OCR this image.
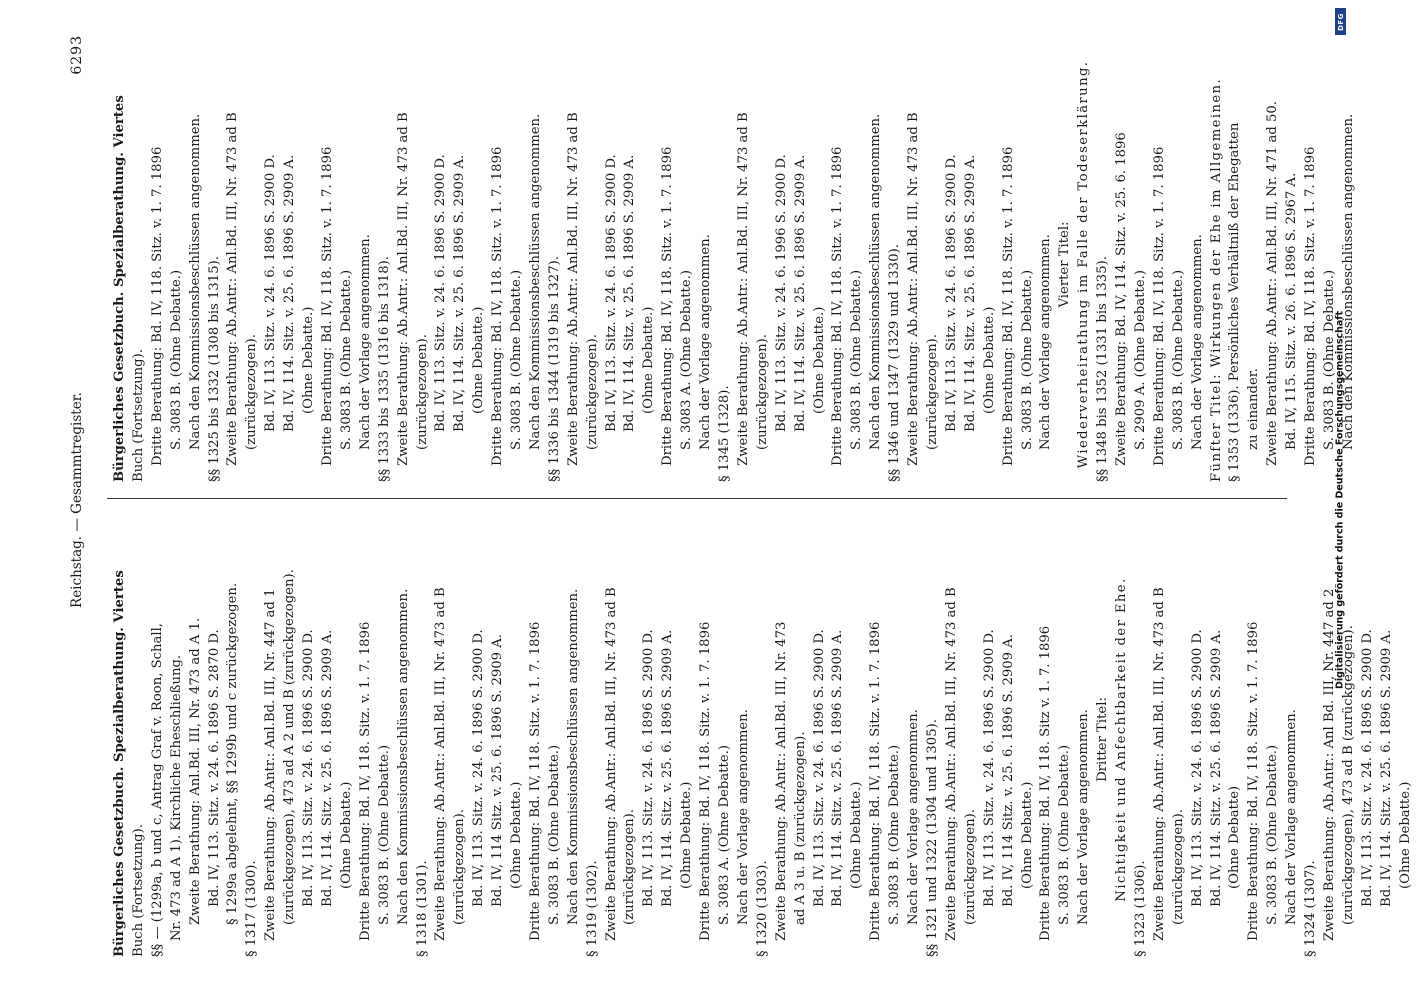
Reichstag. — Gesammtregister.
6293
Bürgerliches Gesetzbuch. Spezialberathung. Viertes Buch (Fortsetzung). §§ — (1299a, b und c, Antrag Graf v. Roon, Schall, Nr. 473 ad A 1). Kirchliche Eheschließung. Zweite Berathung: Anl.Bd. III, Nr. 473 ad A 1. Bd. IV, 113. Sitz. v. 24. 6. 1896 S. 2870 D. § 1299a abgelehnt, §§ 1299b und c zurückgezogen. § 1317 (1300). Zweite Berathung: Ab.Antr.: Anl.Bd. III, Nr. 447 ad 1 (zurückgezogen), 473 ad A 2 und B (zurückgezogen). Bd. IV, 113. Sitz. v. 24. 6. 1896 S. 2900 D. Bd. IV, 114. Sitz. v. 25. 6. 1896 S. 2909 A. (Ohne Debatte.) Dritte Berathung: Bd. IV, 118. Sitz. v. 1. 7. 1896 S. 3083 B. (Ohne Debatte.) Nach den Kommissionsbeschlüssen angenommen. § 1318 (1301). Zweite Berathung: Ab.Antr.: Anl.Bd. III, Nr. 473 ad B (zurückgezogen). Bd. IV, 113. Sitz. v. 24. 6. 1896 S. 2900 D. Bd. IV, 114 Sitz. v. 25. 6. 1896 S. 2909 A. (Ohne Debatte.) Dritte Berathung: Bd. IV, 118. Sitz. v. 1. 7. 1896 S. 3083 B. (Ohne Debatte.) Nach den Kommissionsbeschlüssen angenommen. § 1319 (1302). Zweite Berathung: Ab.Antr.: Anl.Bd. III, Nr. 473 ad B (zurückgezogen). Bd. IV, 113. Sitz. v. 24. 6. 1896 S. 2900 D. Bd. IV, 114. Sitz. v. 25. 6. 1896 S. 2909 A. (Ohne Debatte.) Dritte Berathung: Bd. IV, 118. Sitz. v. 1. 7. 1896 S. 3083 A. (Ohne Debatte.) Nach der Vorlage angenommen. § 1320 (1303). Zweite Berathung: Ab.Antr.: Anl.Bd. III, Nr. 473 ad A 3 u. B (zurückgezogen). Bd. IV, 113. Sitz. v. 24. 6. 1896 S. 2900 D. Bd. IV, 114. Sitz. v. 25. 6. 1896 S. 2909 A. (Ohne Debatte.) Dritte Berathung: Bd. IV, 118. Sitz. v. 1. 7. 1896 S. 3083 B. (Ohne Debatte.) Nach der Vorlage angenommen. §§ 1321 und 1322 (1304 und 1305). Zweite Berathung: Ab.Antr.: Anl.Bd. III, Nr. 473 ad B (zurückgezogen). Bd. IV, 113. Sitz. v. 24. 6. 1896 S. 2900 D. Bd. IV, 114 Sitz. v. 25. 6. 1896 S. 2909 A. (Ohne Debatte.) Dritte Berathung: Bd. IV, 118. Sitz v. 1. 7. 1896 S. 3083 B. (Ohne Debatte.) Nach der Vorlage angenommen. Dritter Titel: Nichtigkeit und Anfechtbarkeit der Ehe.
§ 1323 (1306). Zweite Berathung: Ab.Antr.: Anl.Bd. III, Nr. 473 ad B (zurückgezogen). Bd. IV, 113. Sitz. v. 24. 6. 1896 S. 2900 D. Bd. IV, 114. Sitz. v. 25. 6. 1896 S. 2909 A. (Ohne Debatte) Dritte Berathung: Bd. IV, 118. Sitz. v. 1. 7. 1896 S. 3083 B. (Ohne Debatte.) Nach der Vorlage angenommen. § 1324 (1307). Zweite Berathung: Ab.Antr.: Anl Bd. III, Nr. 447 ad 2 (zurückgezogen), 473 ad B (zurückgezogen). Bd. IV, 113. Sitz. v. 24. 6. 1896 S. 2900 D. Bd. IV, 114. Sitz. v. 25. 6. 1896 S. 2909 A. (Ohne Debatte.)
Bürgerliches Gesetzbuch. Spezialberathung. Viertes Buch (Fortsetzung). Dritte Berathung: Bd. IV, 118. Sitz. v. 1. 7. 1896 S. 3083 B. (Ohne Debatte.) Nach den Kommissionsbeschlüssen angenommen. §§ 1325 bis 1332 (1308 bis 1315). Zweite Berathung: Ab.Antr.: Anl.Bd. III, Nr. 473 ad B (zurückgezogen). Bd. IV, 113. Sitz. v. 24. 6. 1896 S. 2900 D. Bd. IV, 114. Sitz. v. 25. 6. 1896 S. 2909 A. (Ohne Debatte.) Dritte Berathung: Bd. IV, 118. Sitz. v. 1. 7. 1896 S. 3083 B. (Ohne Debatte.) Nach der Vorlage angenommen. §§ 1333 bis 1335 (1316 bis 1318). Zweite Berathung: Ab.Antr.: Anl.Bd. III, Nr. 473 ad B (zurückgezogen). Bd. IV, 113. Sitz. v. 24. 6. 1896 S. 2900 D. Bd. IV, 114. Sitz. v. 25. 6. 1896 S. 2909 A. (Ohne Debatte.) Dritte Berathung: Bd. IV, 118. Sitz. v. 1. 7. 1896 S. 3083 B. (Ohne Debatte.) Nach den Kommissionsbeschlüssen angenommen. §§ 1336 bis 1344 (1319 bis 1327). Zweite Berathung: Ab.Antr.: Anl.Bd. III, Nr. 473 ad B (zurückgezogen). Bd. IV, 113. Sitz. v. 24. 6. 1896 S. 2900 D. Bd. IV, 114. Sitz. v. 25. 6. 1896 S. 2909 A. (Ohne Debatte.) Dritte Berathung: Bd. IV, 118. Sitz. v. 1. 7. 1896 S. 3083 A. (Ohne Debatte.) Nach der Vorlage angenommen. § 1345 (1328). Zweite Berathung: Ab.Antr.: Anl.Bd. III, Nr. 473 ad B (zurückgezogen). Bd. IV, 113. Sitz. v. 24. 6. 1996 S. 2900 D. Bd. IV, 114. Sitz. v. 25. 6. 1896 S. 2909 A. (Ohne Debatte.) Dritte Berathung: Bd. IV, 118. Sitz. v. 1. 7. 1896 S. 3083 B. (Ohne Debatte.) Nach den Kommissionsbeschlüssen angenommen. §§ 1346 und 1347 (1329 und 1330). Zweite Berathung: Ab.Antr.: Anl.Bd. III, Nr. 473 ad B (zurückgezogen). Bd. IV, 113. Sitz. v. 24. 6. 1896 S. 2900 D. Bd. IV, 114. Sitz. v. 25. 6. 1896 S. 2909 A. (Ohne Debatte.) Dritte Berathung: Bd. IV, 118. Sitz. v. 1. 7. 1896 S. 3083 B. (Ohne Debatte.) Nach der Vorlage angenommen. Vierter Titel: Wiederverheirathung im Falle der Todeserklärung. §§ 1348 bis 1352 (1331 bis 1335). Zweite Berathung: Bd. IV, 114. Sitz. v. 25. 6. 1896 S. 2909 A. (Ohne Debatte.) Dritte Berathung: Bd. IV, 118. Sitz. v. 1. 7. 1896 S. 3083 B. (Ohne Debatte.) Nach der Vorlage angenommen. Fünfter Titel: Wirkungen der Ehe im Allgemeinen. § 1353 (1336). Persönliches Verhältniß der Ehegatten zu einander. Zweite Berathung: Ab.Antr.: Anl.Bd. III, Nr. 471 ad 50. Bd. IV, 115. Sitz. v. 26. 6. 1896 S. 2967 A. Dritte Berathung: Bd. IV, 118. Sitz. v. 1. 7. 1896 S. 3083 B. (Ohne Debatte.) Nach den Kommissionsbeschlüssen angenommen.
Digitalisierung gefördert durch die Deutsche Forschungsgemeinschaft
DFG
